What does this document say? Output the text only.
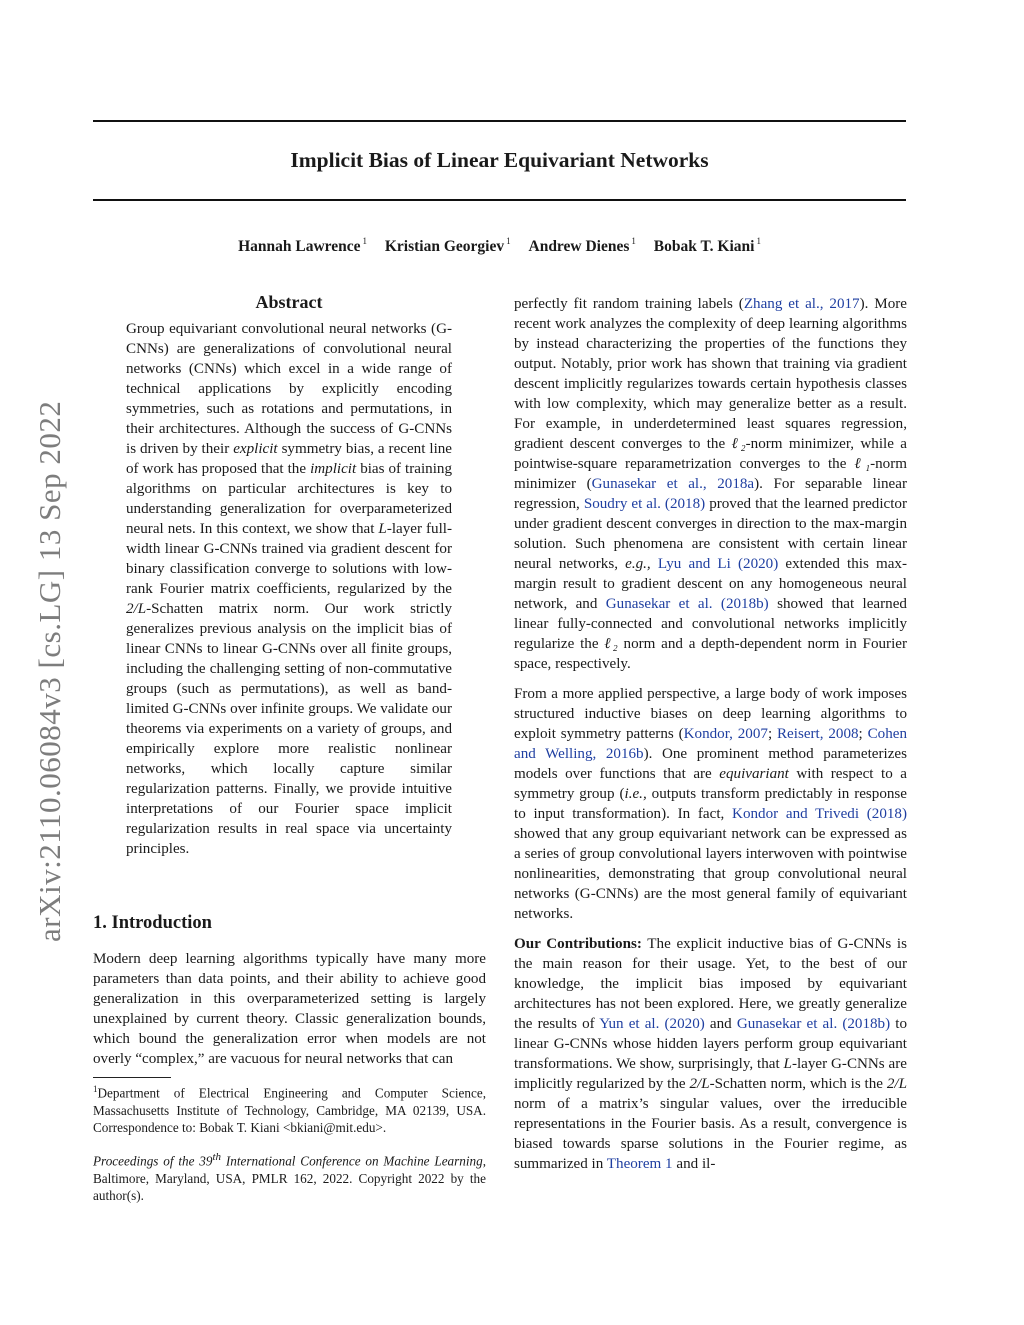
arXiv:2110.06084v3 [cs.LG] 13 Sep 2022
Implicit Bias of Linear Equivariant Networks
Hannah Lawrence $^1$ Kristian Georgiev $^1$ Andrew Dienes $^1$ Bobak T. Kiani $^1$
Abstract
Group equivariant convolutional neural networks (G-CNNs) are generalizations of convolutional neural networks (CNNs) which excel in a wide range of technical applications by explicitly encoding symmetries, such as rotations and permutations, in their architectures. Although the success of G-CNNs is driven by their explicit symmetry bias, a recent line of work has proposed that the implicit bias of training algorithms on particular architectures is key to understanding generalization for overparameterized neural nets. In this context, we show that L-layer full-width linear G-CNNs trained via gradient descent for binary classification converge to solutions with low-rank Fourier matrix coefficients, regularized by the 2/L-Schatten matrix norm. Our work strictly generalizes previous analysis on the implicit bias of linear CNNs to linear G-CNNs over all finite groups, including the challenging setting of non-commutative groups (such as permutations), as well as band-limited G-CNNs over infinite groups. We validate our theorems via experiments on a variety of groups, and empirically explore more realistic nonlinear networks, which locally capture similar regularization patterns. Finally, we provide intuitive interpretations of our Fourier space implicit regularization results in real space via uncertainty principles.
1. Introduction
Modern deep learning algorithms typically have many more parameters than data points, and their ability to achieve good generalization in this overparameterized setting is largely unexplained by current theory. Classic generalization bounds, which bound the generalization error when models are not overly “complex,” are vacuous for neural networks that can
$^1$Department of Electrical Engineering and Computer Science, Massachusetts Institute of Technology, Cambridge, MA 02139, USA. Correspondence to: Bobak T. Kiani <bkiani@mit.edu>.
Proceedings of the 39th International Conference on Machine Learning, Baltimore, Maryland, USA, PMLR 162, 2022. Copyright 2022 by the author(s).

perfectly fit random training labels (Zhang et al., 2017). More recent work analyzes the complexity of deep learning algorithms by instead characterizing the properties of the functions they output. Notably, prior work has shown that training via gradient descent implicitly regularizes towards certain hypothesis classes with low complexity, which may generalize better as a result. For example, in underdetermined least squares regression, gradient descent converges to the ℓ₂-norm minimizer, while a pointwise-square reparametrization converges to the ℓ₁-norm minimizer (Gunasekar et al., 2018a). For separable linear regression, Soudry et al. (2018) proved that the learned predictor under gradient descent converges in direction to the max-margin solution. Such phenomena are consistent with certain linear neural networks, e.g., Lyu and Li (2020) extended this max-margin result to gradient descent on any homogeneous neural network, and Gunasekar et al. (2018b) showed that learned linear fully-connected and convolutional networks implicitly regularize the ℓ₂ norm and a depth-dependent norm in Fourier space, respectively.

From a more applied perspective, a large body of work imposes structured inductive biases on deep learning algorithms to exploit symmetry patterns (Kondor, 2007; Reisert, 2008; Cohen and Welling, 2016b). One prominent method parameterizes models over functions that are equivariant with respect to a symmetry group (i.e., outputs transform predictably in response to input transformation). In fact, Kondor and Trivedi (2018) showed that any group equivariant network can be expressed as a series of group convolutional layers interwoven with pointwise nonlinearities, demonstrating that group convolutional neural networks (G-CNNs) are the most general family of equivariant networks.

Our Contributions: The explicit inductive bias of G-CNNs is the main reason for their usage. Yet, to the best of our knowledge, the implicit bias imposed by equivariant architectures has not been explored. Here, we greatly generalize the results of Yun et al. (2020) and Gunasekar et al. (2018b) to linear G-CNNs whose hidden layers perform group equivariant transformations. We show, surprisingly, that L-layer G-CNNs are implicitly regularized by the 2/L-Schatten norm, which is the 2/L norm of a matrix’s singular values, over the irreducible representations in the Fourier basis. As a result, convergence is biased towards sparse solutions in the Fourier regime, as summarized in Theorem 1 and il-
